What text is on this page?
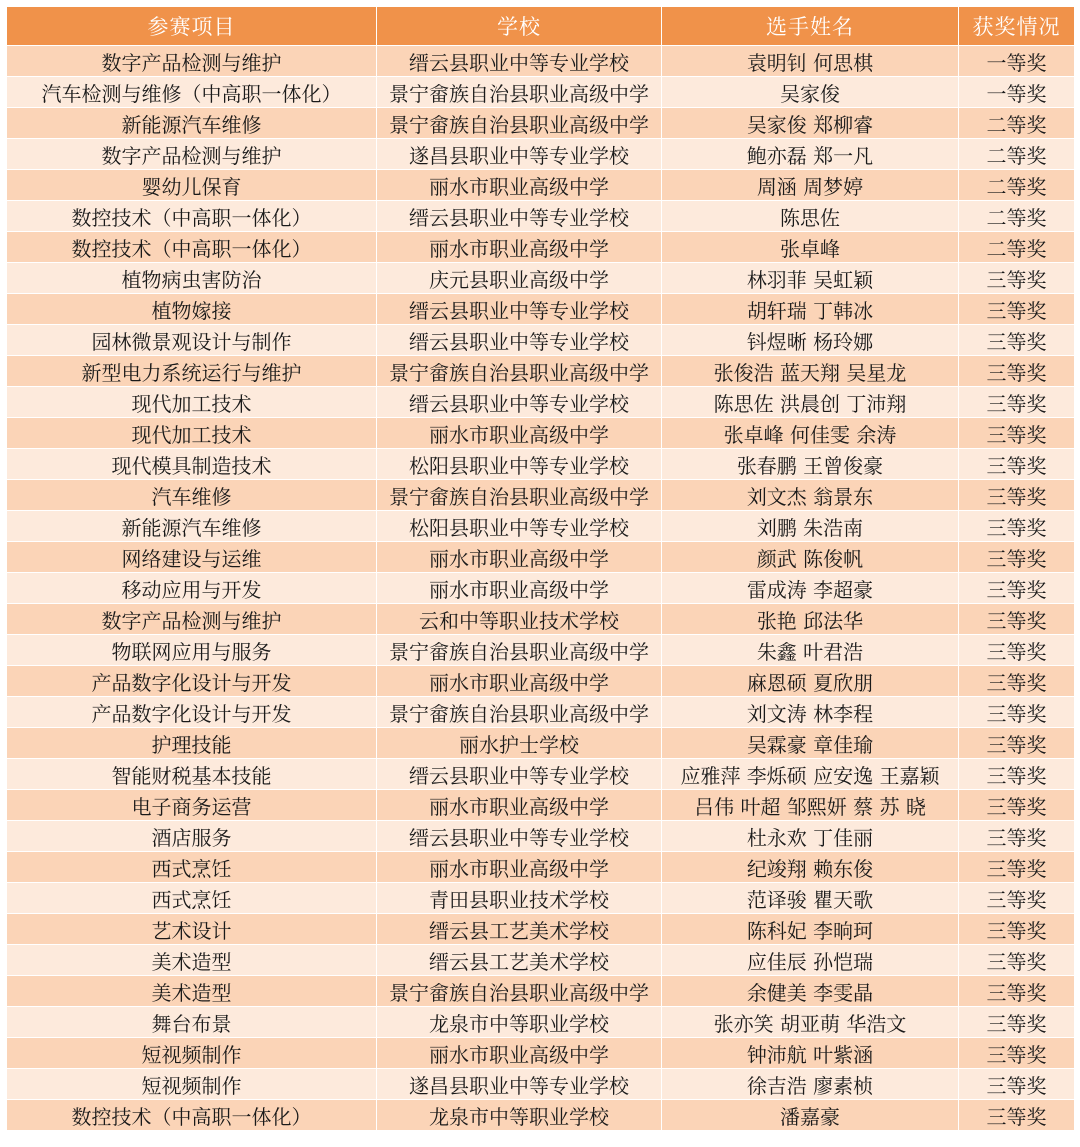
参赛项目	学校	选手姓名	获奖情况
数字产品检测与维护	缙云县职业中等专业学校	袁明钊 何思棋	一等奖
汽车检测与维修（中高职一体化）	景宁畲族自治县职业高级中学	吴家俊	一等奖
新能源汽车维修	景宁畲族自治县职业高级中学	吴家俊 郑柳睿	二等奖
数字产品检测与维护	遂昌县职业中等专业学校	鲍亦磊 郑一凡	二等奖
婴幼儿保育	丽水市职业高级中学	周涵 周梦婷	二等奖
数控技术（中高职一体化）	缙云县职业中等专业学校	陈思佐	二等奖
数控技术（中高职一体化）	丽水市职业高级中学	张卓峰	二等奖
植物病虫害防治	庆元县职业高级中学	林羽菲 吴虹颖	三等奖
植物嫁接	缙云县职业中等专业学校	胡轩瑞 丁韩冰	三等奖
园林微景观设计与制作	缙云县职业中等专业学校	钭煜晰 杨玲娜	三等奖
新型电力系统运行与维护	景宁畲族自治县职业高级中学	张俊浩 蓝天翔 吴星龙	三等奖
现代加工技术	缙云县职业中等专业学校	陈思佐 洪晨创 丁沛翔	三等奖
现代加工技术	丽水市职业高级中学	张卓峰 何佳雯 余涛	三等奖
现代模具制造技术	松阳县职业中等专业学校	张春鹏 王曾俊豪	三等奖
汽车维修	景宁畲族自治县职业高级中学	刘文杰 翁景东	三等奖
新能源汽车维修	松阳县职业中等专业学校	刘鹏 朱浩南	三等奖
网络建设与运维	丽水市职业高级中学	颜武 陈俊帆	三等奖
移动应用与开发	丽水市职业高级中学	雷成涛 李超豪	三等奖
数字产品检测与维护	云和中等职业技术学校	张艳 邱法华	三等奖
物联网应用与服务	景宁畲族自治县职业高级中学	朱鑫 叶君浩	三等奖
产品数字化设计与开发	丽水市职业高级中学	麻恩硕 夏欣朋	三等奖
产品数字化设计与开发	景宁畲族自治县职业高级中学	刘文涛 林李程	三等奖
护理技能	丽水护士学校	吴霖豪 章佳瑜	三等奖
智能财税基本技能	缙云县职业中等专业学校	应雅萍 李烁硕 应安逸 王嘉颖	三等奖
电子商务运营	丽水市职业高级中学	吕伟 叶超 邹熙妍 蔡 苏 晓	三等奖
酒店服务	缙云县职业中等专业学校	杜永欢 丁佳丽	三等奖
西式烹饪	丽水市职业高级中学	纪竣翔 赖东俊	三等奖
西式烹饪	青田县职业技术学校	范译骏 瞿天歌	三等奖
艺术设计	缙云县工艺美术学校	陈科妃 李晌珂	三等奖
美术造型	缙云县工艺美术学校	应佳辰 孙恺瑞	三等奖
美术造型	景宁畲族自治县职业高级中学	余健美 李雯晶	三等奖
舞台布景	龙泉市中等职业学校	张亦笑 胡亚萌 华浩文	三等奖
短视频制作	丽水市职业高级中学	钟沛航 叶紫涵	三等奖
短视频制作	遂昌县职业中等专业学校	徐吉浩 廖素桢	三等奖
数控技术（中高职一体化）	龙泉市中等职业学校	潘嘉豪	三等奖
